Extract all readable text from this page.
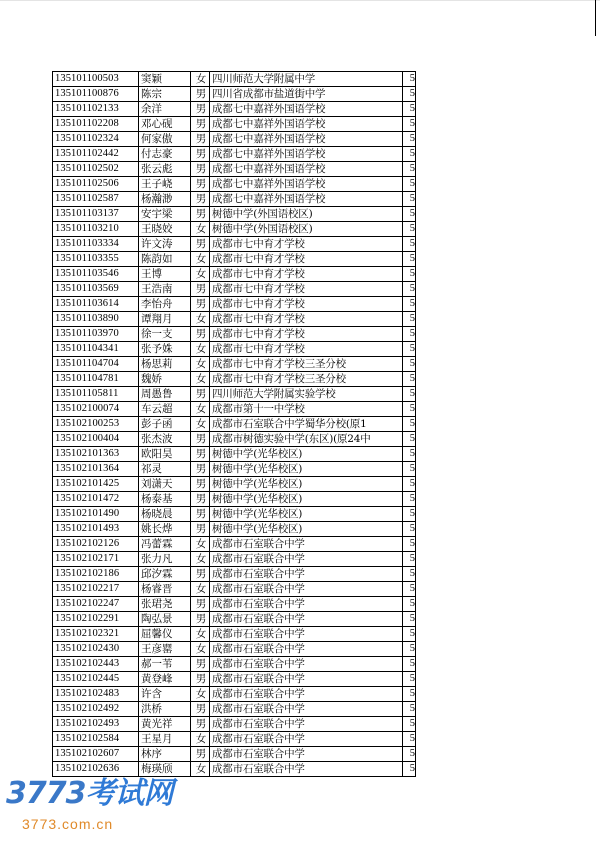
135101100503	窦颖	女	四川师范大学附属中学	5
135101100876	陈宗	男	四川省成都市盐道街中学	5
135101102133	余洋	男	成都七中嘉祥外国语学校	5
135101102208	邓心砚	男	成都七中嘉祥外国语学校	5
135101102324	何家傲	男	成都七中嘉祥外国语学校	5
135101102442	付志豪	男	成都七中嘉祥外国语学校	5
135101102502	张云彪	男	成都七中嘉祥外国语学校	5
135101102506	王子峣	男	成都七中嘉祥外国语学校	5
135101102587	杨瀚渺	男	成都七中嘉祥外国语学校	5
135101103137	安宇梁	男	树德中学(外国语校区)	5
135101103210	王晓姣	女	树德中学(外国语校区)	5
135101103334	许文涛	男	成都市七中育才学校	5
135101103355	陈韵如	女	成都市七中育才学校	5
135101103546	王博	女	成都市七中育才学校	5
135101103569	王浩南	男	成都市七中育才学校	5
135101103614	李怡舟	男	成都市七中育才学校	5
135101103890	谭翔月	女	成都市七中育才学校	5
135101103970	徐一支	男	成都市七中育才学校	5
135101104341	张予姝	女	成都市七中育才学校	5
135101104704	杨思莉	女	成都市七中育才学校三圣分校	5
135101104781	魏娇	女	成都市七中育才学校三圣分校	5
135101105811	周愚鲁	男	四川师范大学附属实验学校	5
135102100074	车云超	女	成都市第十一中学校	5
135102100253	彭子函	女	成都市石室联合中学蜀华分校(原1	5
135102100404	张杰波	男	成都市树德实验中学(东区)(原24中	5
135102101363	欧阳昊	男	树德中学(光华校区)	5
135102101364	祁灵	男	树德中学(光华校区)	5
135102101425	刘潇天	男	树德中学(光华校区)	5
135102101472	杨泰基	男	树德中学(光华校区)	5
135102101490	杨晓晨	男	树德中学(光华校区)	5
135102101493	姚长烨	男	树德中学(光华校区)	5
135102102126	冯蕾霖	女	成都市石室联合中学	5
135102102171	张力凡	女	成都市石室联合中学	5
135102102186	邱汐霖	男	成都市石室联合中学	5
135102102217	杨睿晋	女	成都市石室联合中学	5
135102102247	张珺尧	男	成都市石室联合中学	5
135102102291	陶弘景	男	成都市石室联合中学	5
135102102321	屈馨仪	女	成都市石室联合中学	5
135102102430	王彦罂	女	成都市石室联合中学	5
135102102443	郝一苇	男	成都市石室联合中学	5
135102102445	黄登峰	男	成都市石室联合中学	5
135102102483	许含	女	成都市石室联合中学	5
135102102492	洪桥	男	成都市石室联合中学	5
135102102493	黄光祥	男	成都市石室联合中学	5
135102102584	王星月	女	成都市石室联合中学	5
135102102607	林序	男	成都市石室联合中学	5
135102102636	梅瑛颀	女	成都市石室联合中学	5
3773考试网
3773.com.cn
